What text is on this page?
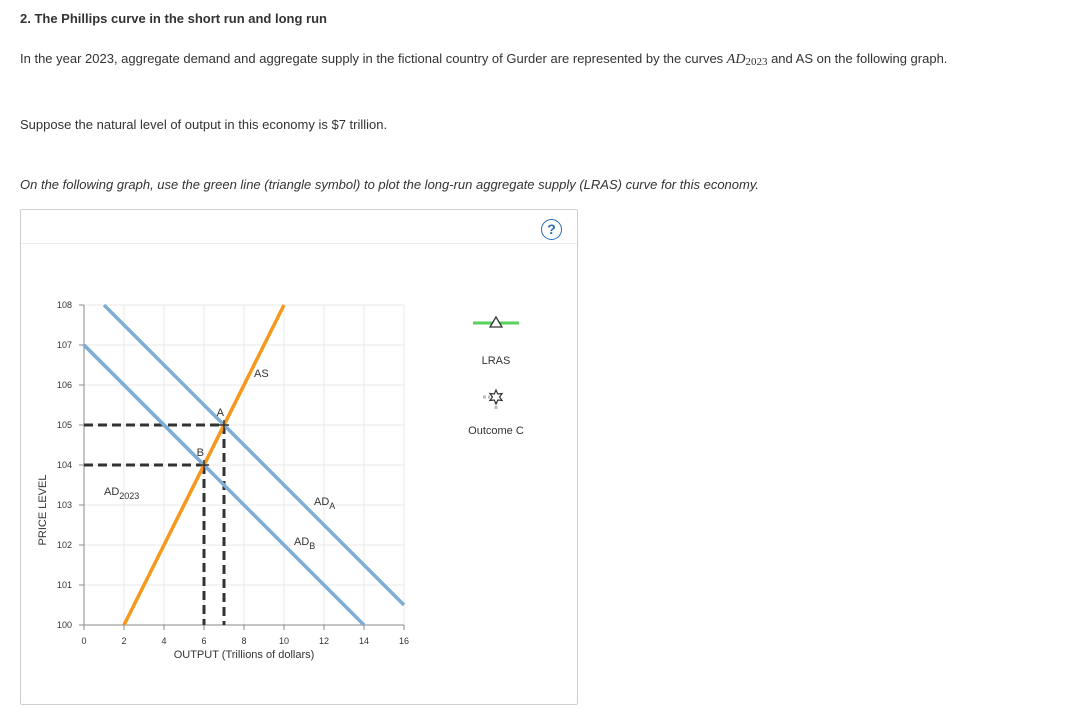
2. The Phillips curve in the short run and long run
In the year 2023, aggregate demand and aggregate supply in the fictional country of Gurder are represented by the curves $AD_{2023}$ and AS on the following graph.
Suppose the natural level of output in this economy is $7 trillion.
On the following graph, use the green line (triangle symbol) to plot the long-run aggregate supply (LRAS) curve for this economy.
?
0	2	4	6	8	10	12	14	16
100
101
102
103
104
105
106
107
108
OUTPUT (Trillions of dollars)
PRICE LEVEL	$AD_{2023}$	$AD_A$
$AD_B$
AS
A
B
LRAS
Outcome C
